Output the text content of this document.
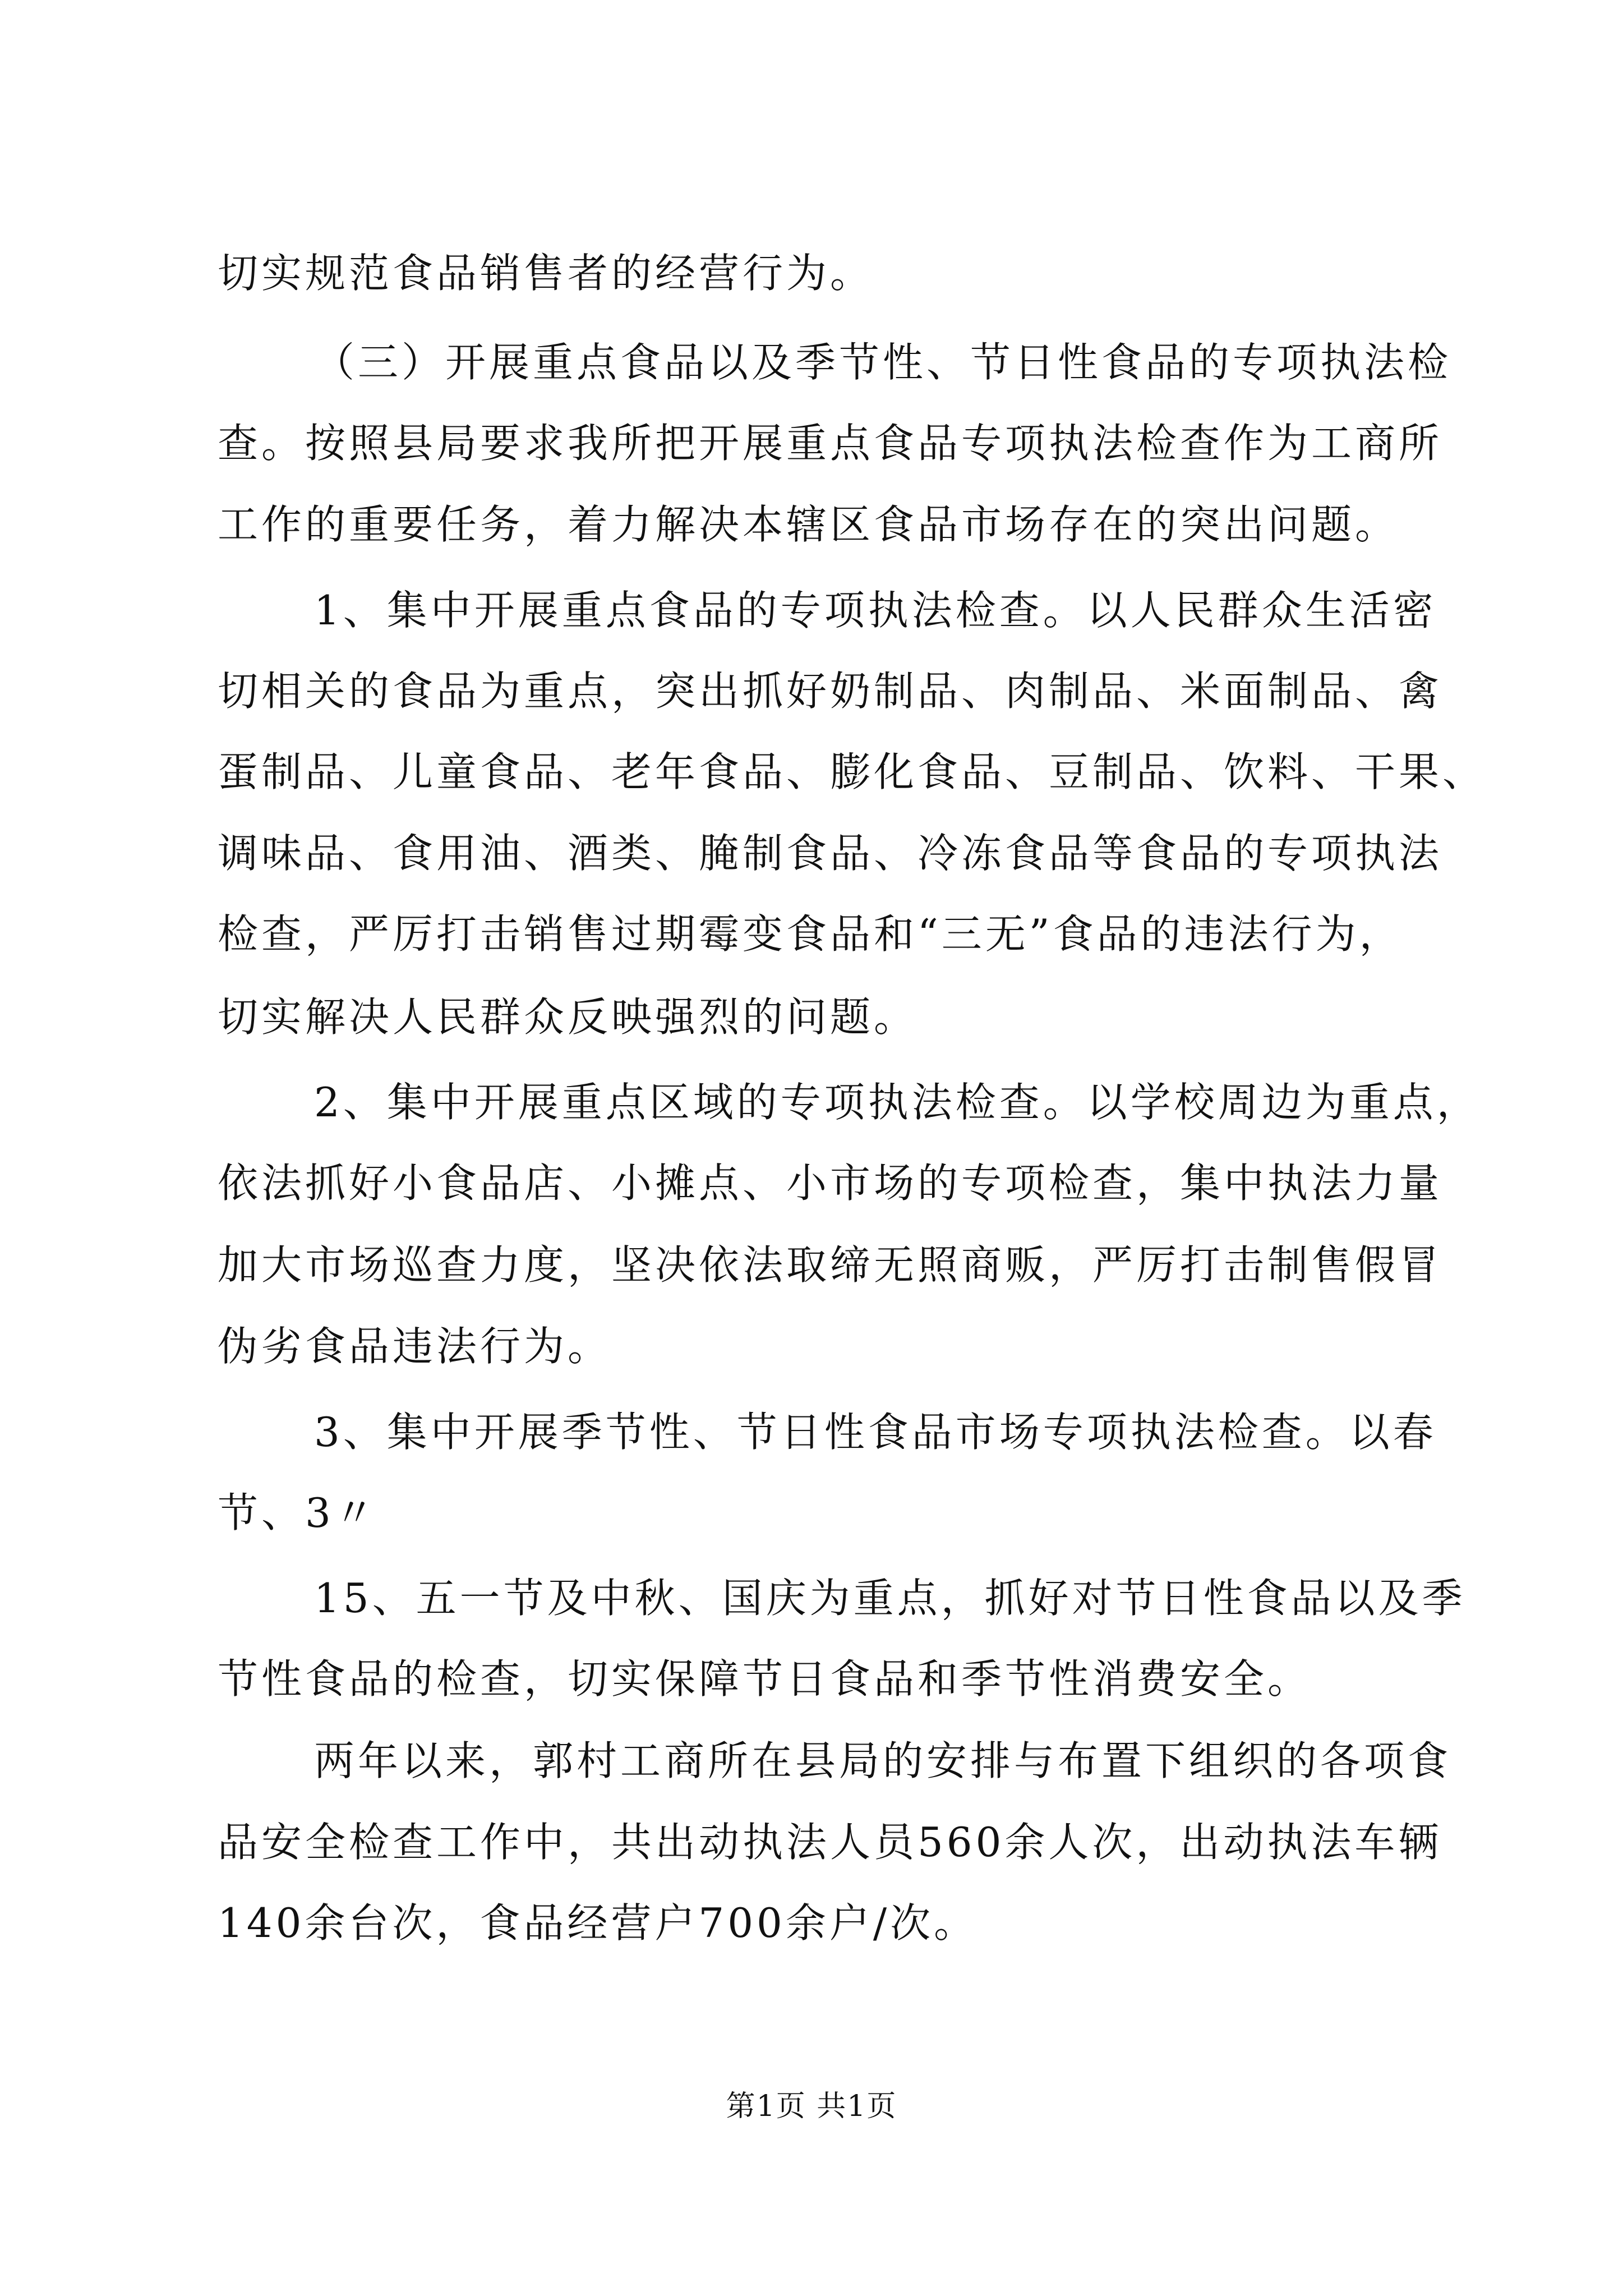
切实规范食品销售者的经营行为。
（三）开展重点食品以及季节性、节日性食品的专项执法检
查。按照县局要求我所把开展重点食品专项执法检查作为工商所
工作的重要任务，着力解决本辖区食品市场存在的突出问题。
1、集中开展重点食品的专项执法检查。以人民群众生活密
切相关的食品为重点，突出抓好奶制品、肉制品、米面制品、禽
蛋制品、儿童食品、老年食品、膨化食品、豆制品、饮料、干果、
调味品、食用油、酒类、腌制食品、冷冻食品等食品的专项执法
检查，严厉打击销售过期霉变食品和“三无”食品的违法行为，
切实解决人民群众反映强烈的问题。
2、集中开展重点区域的专项执法检查。以学校周边为重点，
依法抓好小食品店、小摊点、小市场的专项检查，集中执法力量
加大市场巡查力度，坚决依法取缔无照商贩，严厉打击制售假冒
伪劣食品违法行为。
3、集中开展季节性、节日性食品市场专项执法检查。以春
节、3〃
15、五一节及中秋、国庆为重点，抓好对节日性食品以及季
节性食品的检查，切实保障节日食品和季节性消费安全。
两年以来，郭村工商所在县局的安排与布置下组织的各项食
品安全检查工作中，共出动执法人员560余人次，出动执法车辆
140余台次，食品经营户700余户/次。
第1页 共1页
